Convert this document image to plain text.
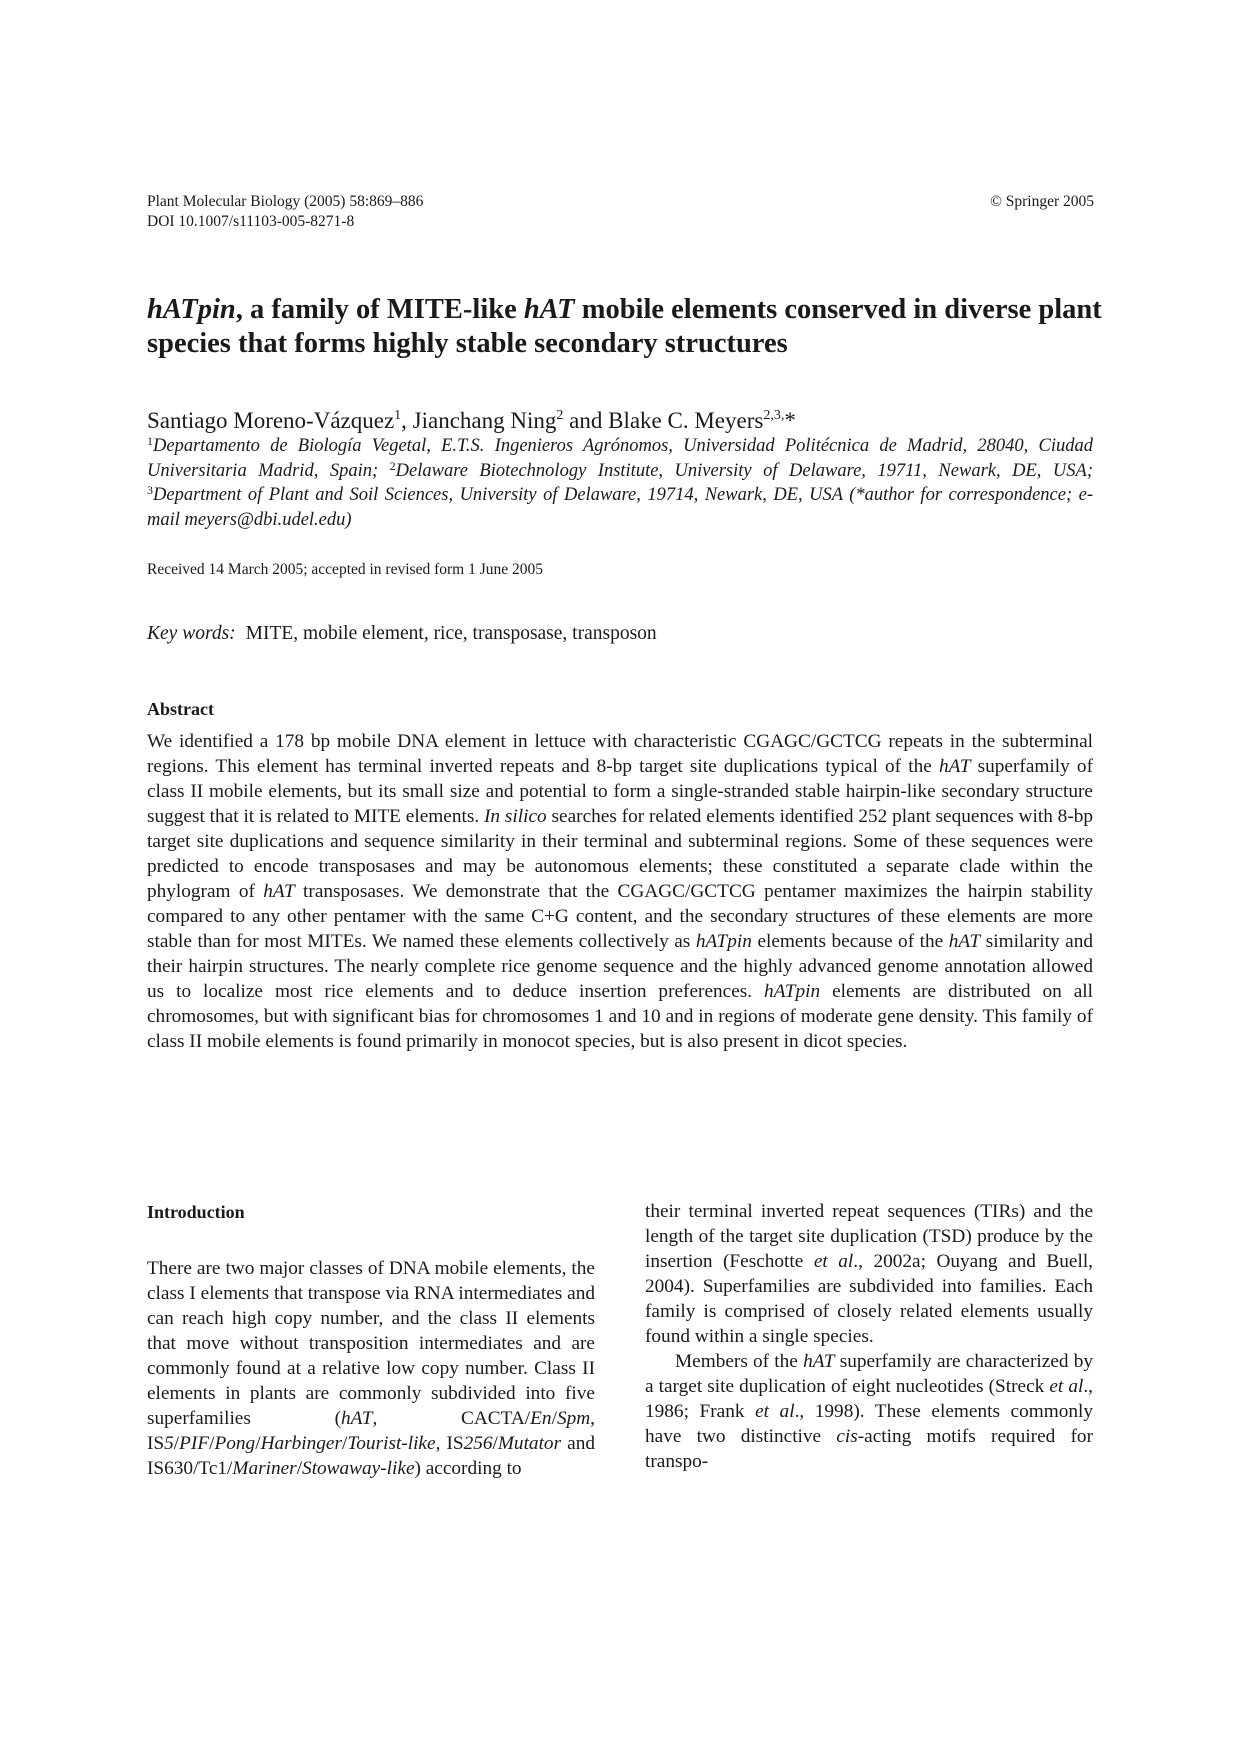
Plant Molecular Biology (2005) 58:869–886
DOI 10.1007/s11103-005-8271-8
© Springer 2005
hATpin, a family of MITE-like hAT mobile elements conserved in diverse plant species that forms highly stable secondary structures
Santiago Moreno-Vázquez$^1$, Jianchang Ning$^2$ and Blake C. Meyers$^{2,3,}$*
$^1$Departamento de Biología Vegetal, E.T.S. Ingenieros Agrónomos, Universidad Politécnica de Madrid, 28040, Ciudad Universitaria Madrid, Spain; $^2$Delaware Biotechnology Institute, University of Delaware, 19711, Newark, DE, USA; $^3$Department of Plant and Soil Sciences, University of Delaware, 19714, Newark, DE, USA (*author for correspondence; e-mail meyers@dbi.udel.edu)
Received 14 March 2005; accepted in revised form 1 June 2005
Key words: MITE, mobile element, rice, transposase, transposon
Abstract

We identified a 178 bp mobile DNA element in lettuce with characteristic CGAGC/GCTCG repeats in the subterminal regions. This element has terminal inverted repeats and 8-bp target site duplications typical of the hAT superfamily of class II mobile elements, but its small size and potential to form a single-stranded stable hairpin-like secondary structure suggest that it is related to MITE elements. In silico searches for related elements identified 252 plant sequences with 8-bp target site duplications and sequence similarity in their terminal and subterminal regions. Some of these sequences were predicted to encode transposases and may be autonomous elements; these constituted a separate clade within the phylogram of hAT transposases. We demonstrate that the CGAGC/GCTCG pentamer maximizes the hairpin stability compared to any other pentamer with the same C+G content, and the secondary structures of these elements are more stable than for most MITEs. We named these elements collectively as hATpin elements because of the hAT similarity and their hairpin structures. The nearly complete rice genome sequence and the highly advanced genome annotation allowed us to localize most rice elements and to deduce insertion preferences. hATpin elements are distributed on all chromosomes, but with significant bias for chromosomes 1 and 10 and in regions of moderate gene density. This family of class II mobile elements is found primarily in monocot species, but is also present in dicot species.

Introduction

There are two major classes of DNA mobile elements, the class I elements that transpose via RNA intermediates and can reach high copy number, and the class II elements that move without transposition intermediates and are commonly found at a relative low copy number. Class II elements in plants are commonly subdivided into five superfamilies (hAT, CACTA/En/Spm, IS5/PIF/Pong/Harbinger/Tourist-like, IS256/Mutator and IS630/Tc1/Mariner/Stowaway-like) according to

their terminal inverted repeat sequences (TIRs) and the length of the target site duplication (TSD) produce by the insertion (Feschotte et al., 2002a; Ouyang and Buell, 2004). Superfamilies are subdivided into families. Each family is comprised of closely related elements usually found within a single species.

Members of the hAT superfamily are characterized by a target site duplication of eight nucleotides (Streck et al., 1986; Frank et al., 1998). These elements commonly have two distinctive cis-acting motifs required for transpo-
